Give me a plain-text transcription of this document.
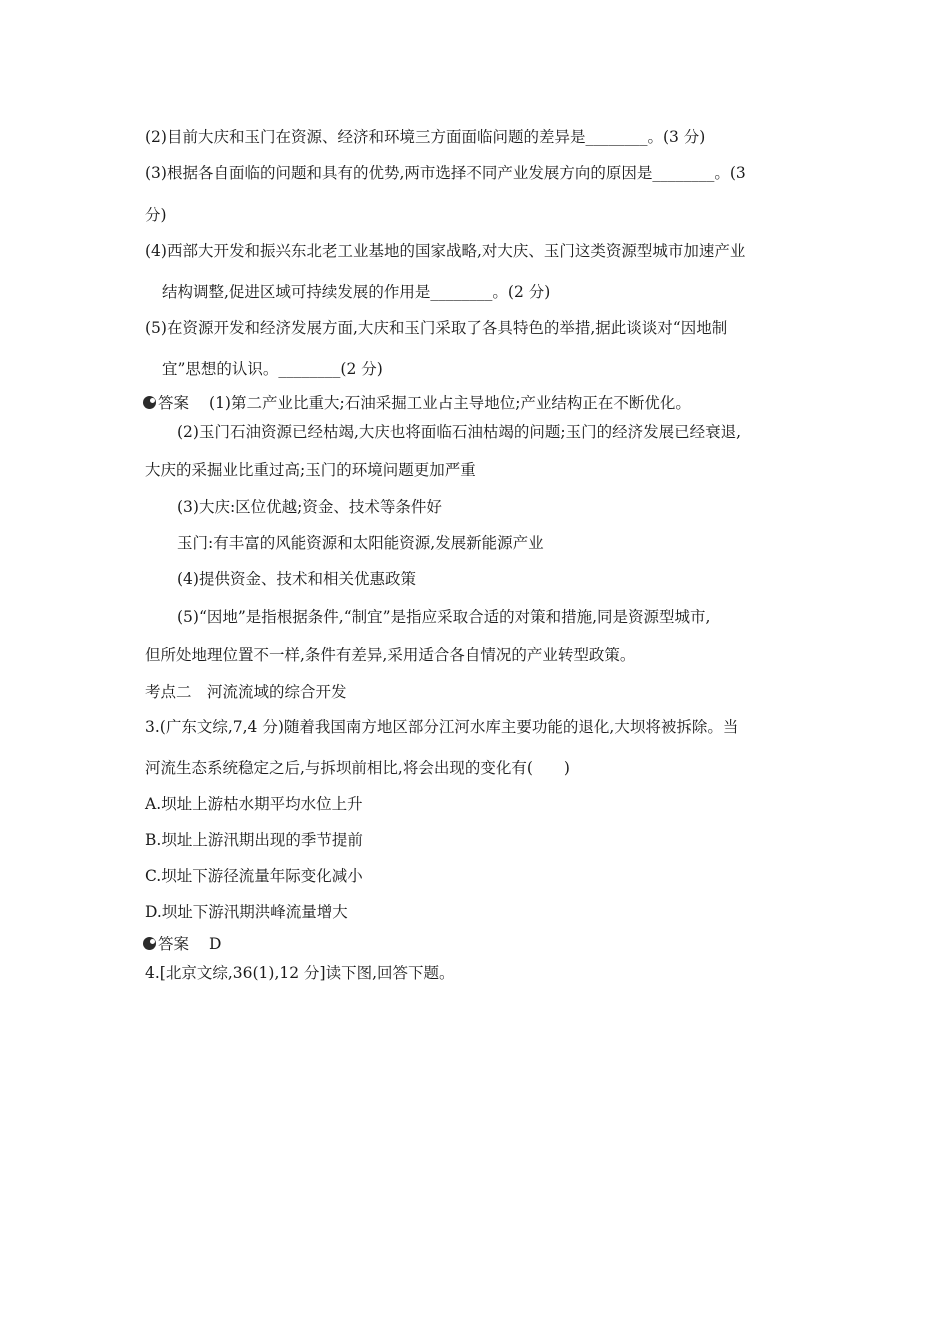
(2)目前大庆和玉门在资源、经济和环境三方面面临问题的差异是________。(3 分)
(3)根据各自面临的问题和具有的优势,两市选择不同产业发展方向的原因是________。(3
分)
(4)西部大开发和振兴东北老工业基地的国家战略,对大庆、玉门这类资源型城市加速产业
结构调整,促进区域可持续发展的作用是________。(2 分)
(5)在资源开发和经济发展方面,大庆和玉门采取了各具特色的举措,据此谈谈对“因地制
宜”思想的认识。________(2 分)
答案 (1)第二产业比重大;石油采掘工业占主导地位;产业结构正在不断优化。
(2)玉门石油资源已经枯竭,大庆也将面临石油枯竭的问题;玉门的经济发展已经衰退,
大庆的采掘业比重过高;玉门的环境问题更加严重
(3)大庆:区位优越;资金、技术等条件好
玉门:有丰富的风能资源和太阳能资源,发展新能源产业
(4)提供资金、技术和相关优惠政策
(5)“因地”是指根据条件,“制宜”是指应采取合适的对策和措施,同是资源型城市,
但所处地理位置不一样,条件有差异,采用适合各自情况的产业转型政策。
考点二　河流流域的综合开发
3.(广东文综,7,4 分)随着我国南方地区部分江河水库主要功能的退化,大坝将被拆除。当
河流生态系统稳定之后,与拆坝前相比,将会出现的变化有(　　)
A.坝址上游枯水期平均水位上升
B.坝址上游汛期出现的季节提前
C.坝址下游径流量年际变化减小
D.坝址下游汛期洪峰流量增大
答案 D
4.[北京文综,36(1),12 分]读下图,回答下题。
